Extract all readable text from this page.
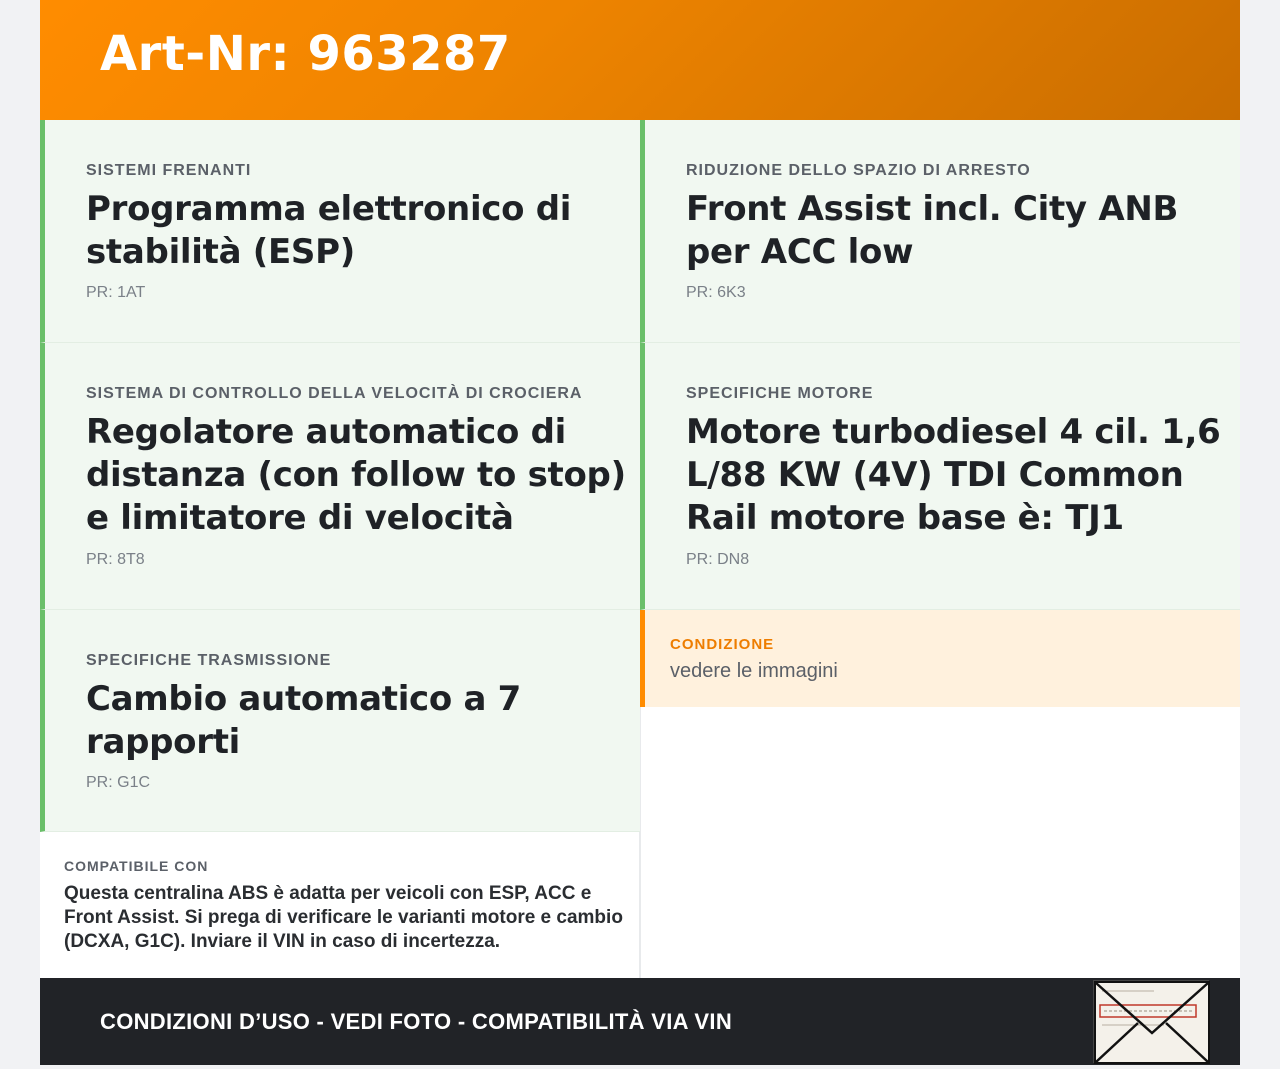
Art-Nr: 963287
SISTEMI FRENANTI
Programma elettronico di
stabilità (ESP)
PR: 1AT
RIDUZIONE DELLO SPAZIO DI ARRESTO
Front Assist incl. City ANB
per ACC low
PR: 6K3
SISTEMA DI CONTROLLO DELLA VELOCITÀ DI CROCIERA
Regolatore automatico di
distanza (con follow to stop)
e limitatore di velocità
PR: 8T8
SPECIFICHE MOTORE
Motore turbodiesel 4 cil. 1,6
L/88 KW (4V) TDI Common
Rail motore base è: TJ1
PR: DN8
SPECIFICHE TRASMISSIONE
Cambio automatico a 7
rapporti
PR: G1C
CONDIZIONE
vedere le immagini
COMPATIBILE CON
Questa centralina ABS è adatta per veicoli con ESP, ACC e Front Assist. Si prega di verificare le varianti motore e cambio (DCXA, G1C). Inviare il VIN in caso di incertezza.
CONDIZIONI D’USO - VEDI FOTO - COMPATIBILITÀ VIA VIN
